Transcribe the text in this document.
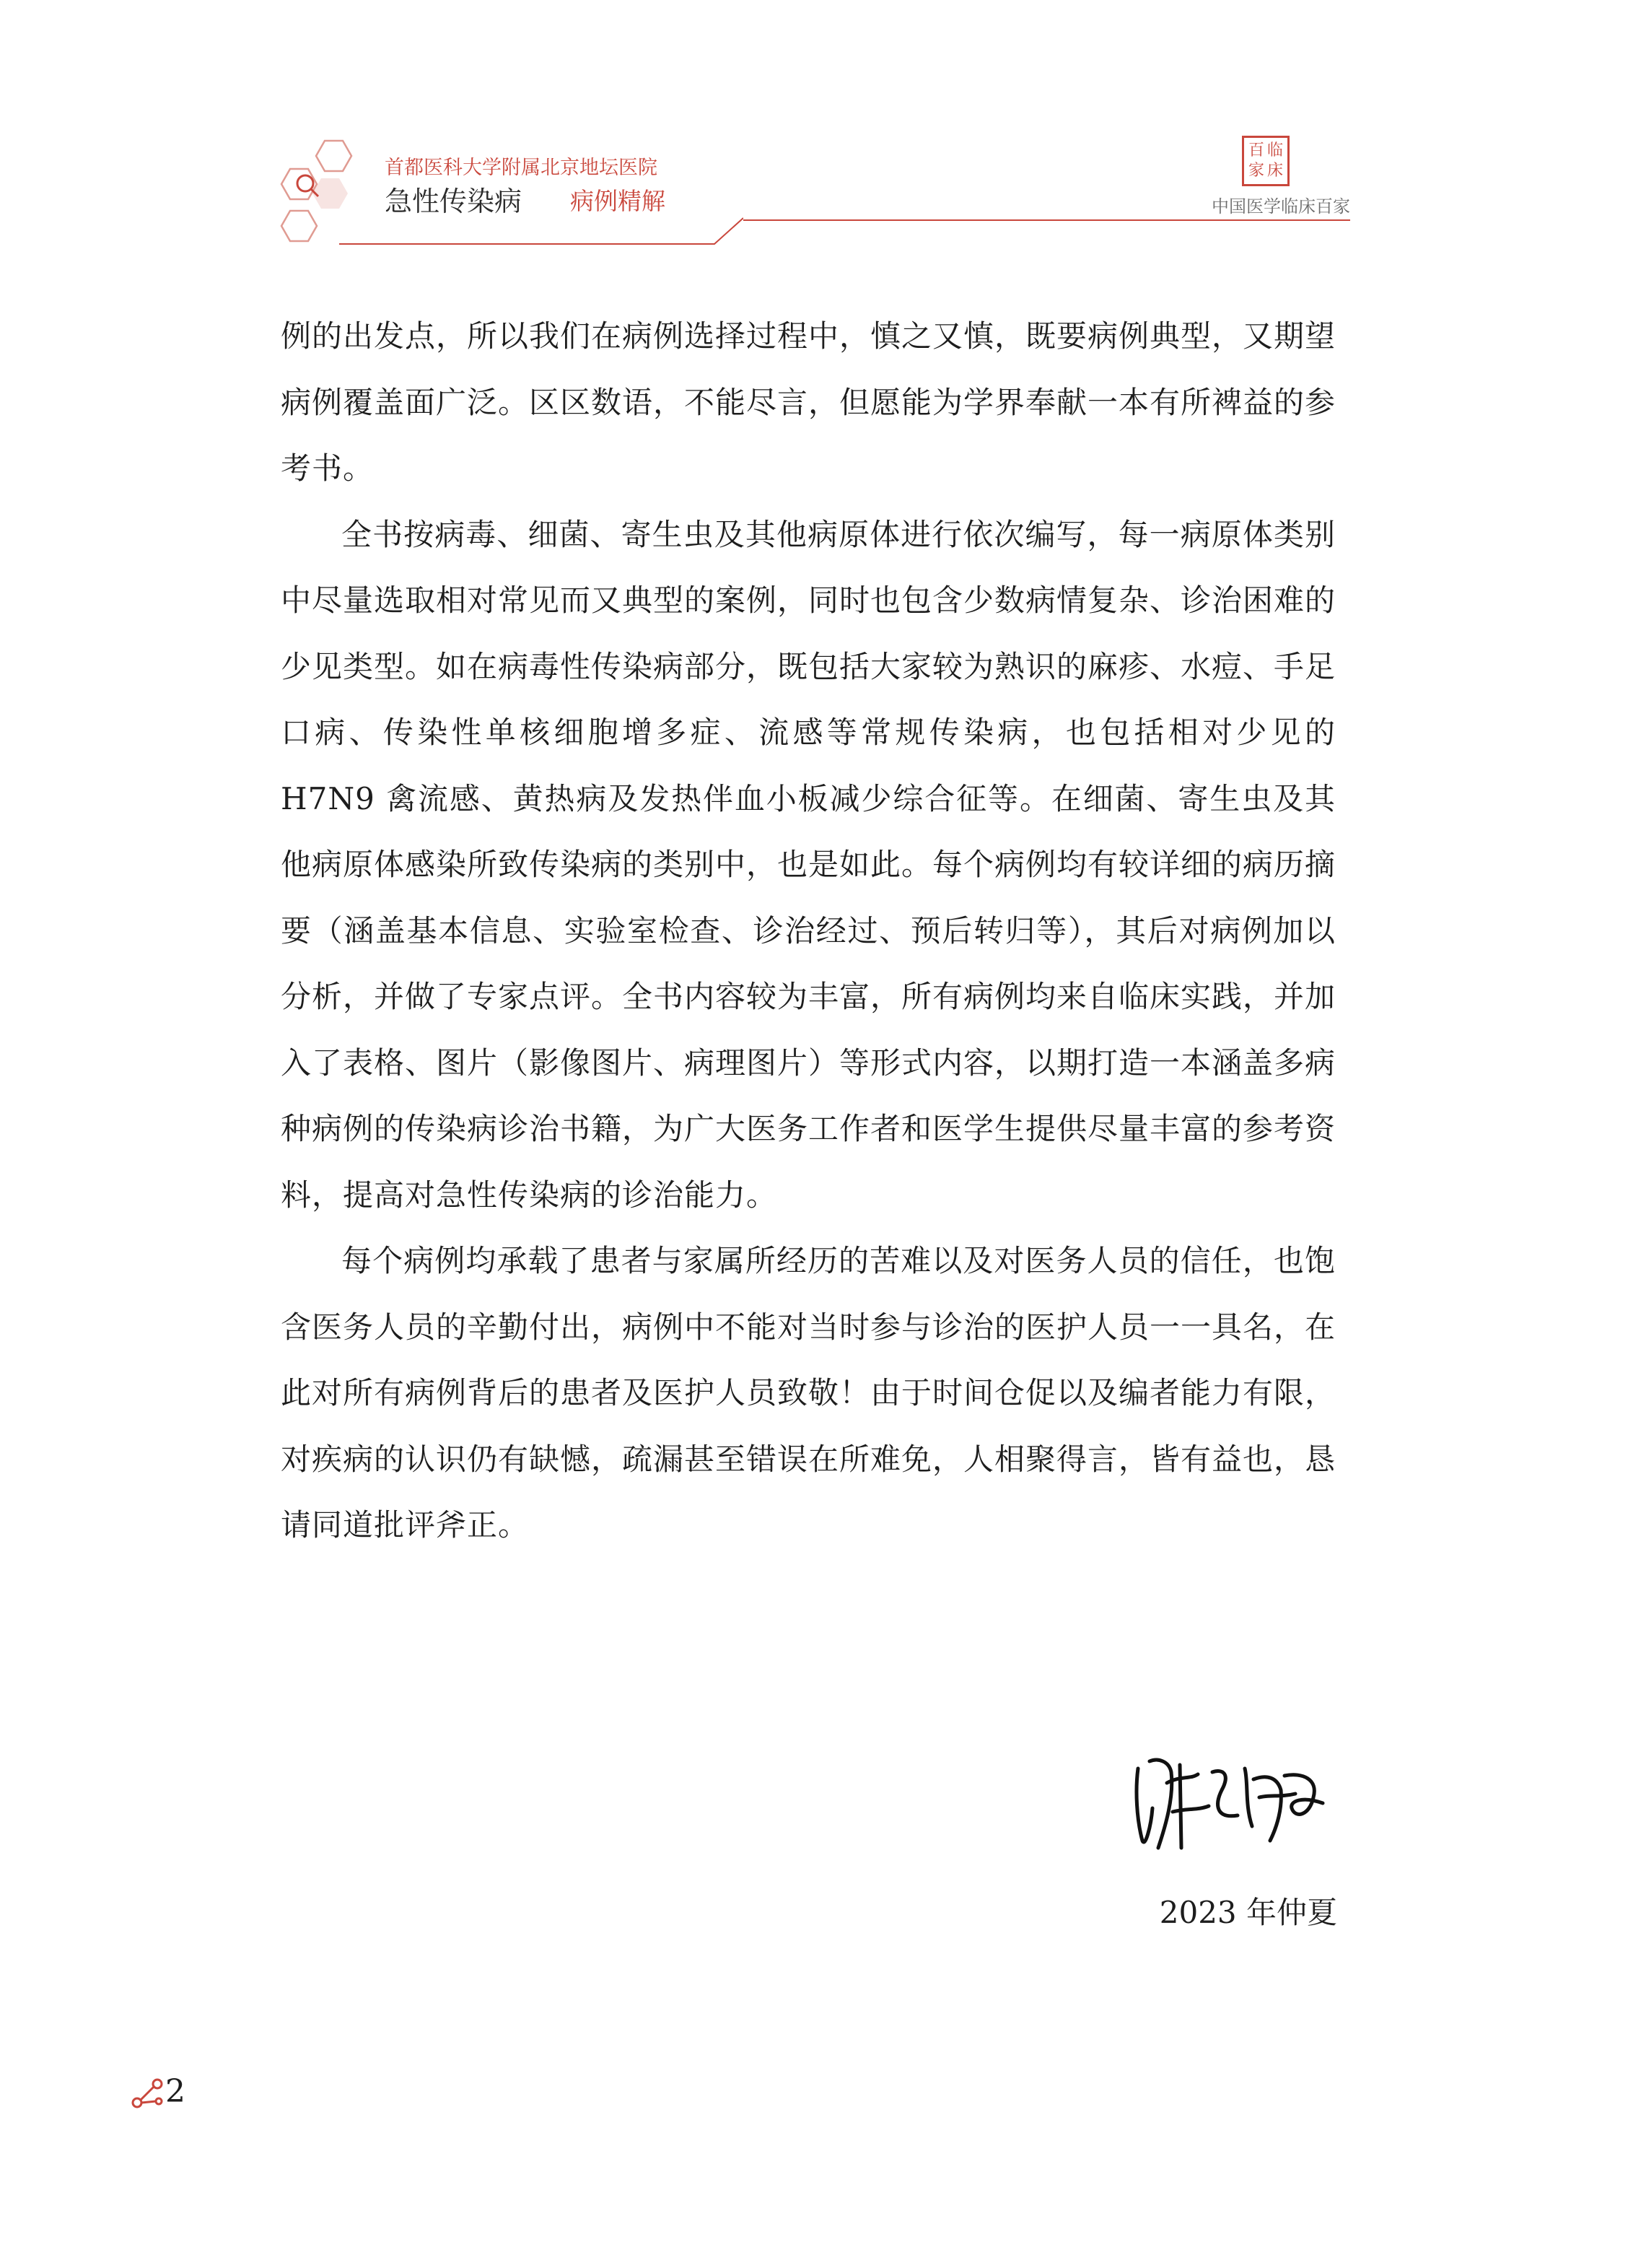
首都医科大学附属北京地坛医院
急性传染病 病例精解
百 临
家 床
中国医学临床百家

例的出发点，所以我们在病例选择过程中，慎之又慎，既要病例典型，又期望病例覆盖面广泛。区区数语，不能尽言，但愿能为学界奉献一本有所裨益的参考书。

全书按病毒、细菌、寄生虫及其他病原体进行依次编写，每一病原体类别中尽量选取相对常见而又典型的案例，同时也包含少数病情复杂、诊治困难的少见类型。如在病毒性传染病部分，既包括大家较为熟识的麻疹、水痘、手足口病、传染性单核细胞增多症、流感等常规传染病，也包括相对少见的 H7N9 禽流感、黄热病及发热伴血小板减少综合征等。在细菌、寄生虫及其他病原体感染所致传染病的类别中，也是如此。每个病例均有较详细的病历摘要（涵盖基本信息、实验室检查、诊治经过、预后转归等），其后对病例加以分析，并做了专家点评。全书内容较为丰富，所有病例均来自临床实践，并加入了表格、图片（影像图片、病理图片）等形式内容，以期打造一本涵盖多病种病例的传染病诊治书籍，为广大医务工作者和医学生提供尽量丰富的参考资料，提高对急性传染病的诊治能力。

每个病例均承载了患者与家属所经历的苦难以及对医务人员的信任，也饱含医务人员的辛勤付出，病例中不能对当时参与诊治的医护人员一一具名，在此对所有病例背后的患者及医护人员致敬！由于时间仓促以及编者能力有限，对疾病的认识仍有缺憾，疏漏甚至错误在所难免，人相聚得言，皆有益也，恳请同道批评斧正。

2023 年仲夏
2
